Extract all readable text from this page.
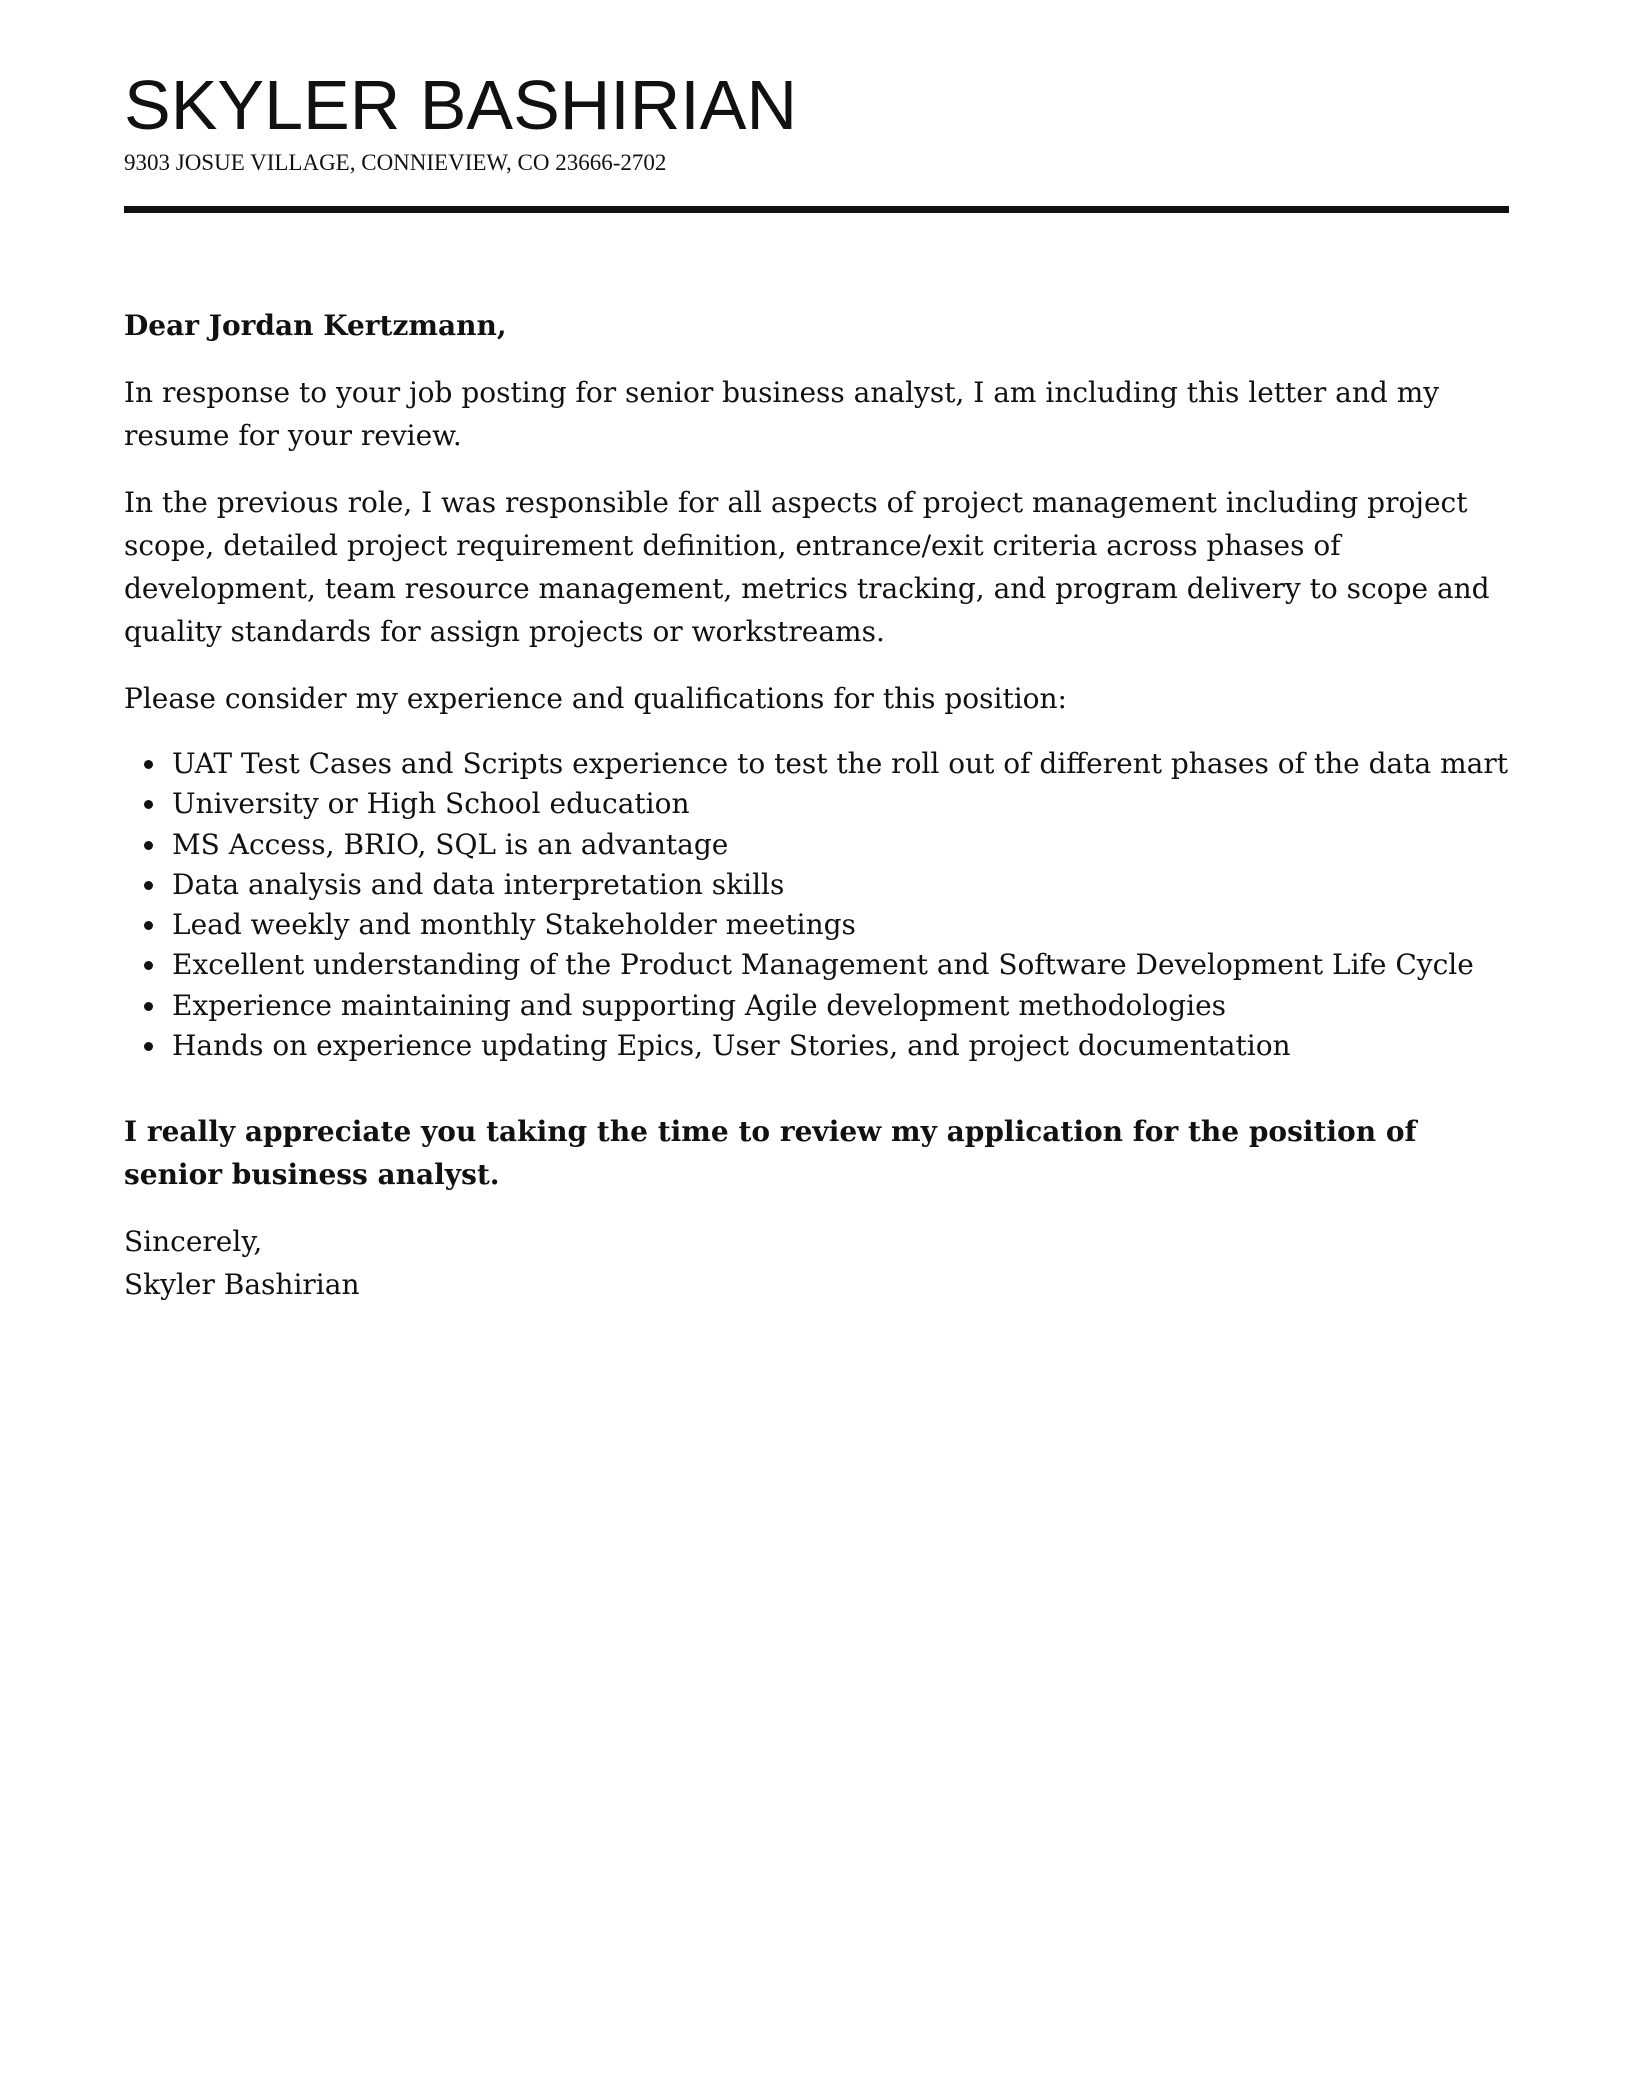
SKYLER BASHIRIAN
9303 JOSUE VILLAGE, CONNIEVIEW, CO 23666-2702

Dear Jordan Kertzmann,

In response to your job posting for senior business analyst, I am including this letter and my resume for your review.

In the previous role, I was responsible for all aspects of project management including project scope, detailed project requirement definition, entrance/exit criteria across phases of development, team resource management, metrics tracking, and program delivery to scope and quality standards for assign projects or workstreams.

Please consider my experience and qualifications for this position:

UAT Test Cases and Scripts experience to test the roll out of different phases of the data mart
University or High School education
MS Access, BRIO, SQL is an advantage
Data analysis and data interpretation skills
Lead weekly and monthly Stakeholder meetings
Excellent understanding of the Product Management and Software Development Life Cycle
Experience maintaining and supporting Agile development methodologies
Hands on experience updating Epics, User Stories, and project documentation

I really appreciate you taking the time to review my application for the position of senior business analyst.

Sincerely,
Skyler Bashirian
